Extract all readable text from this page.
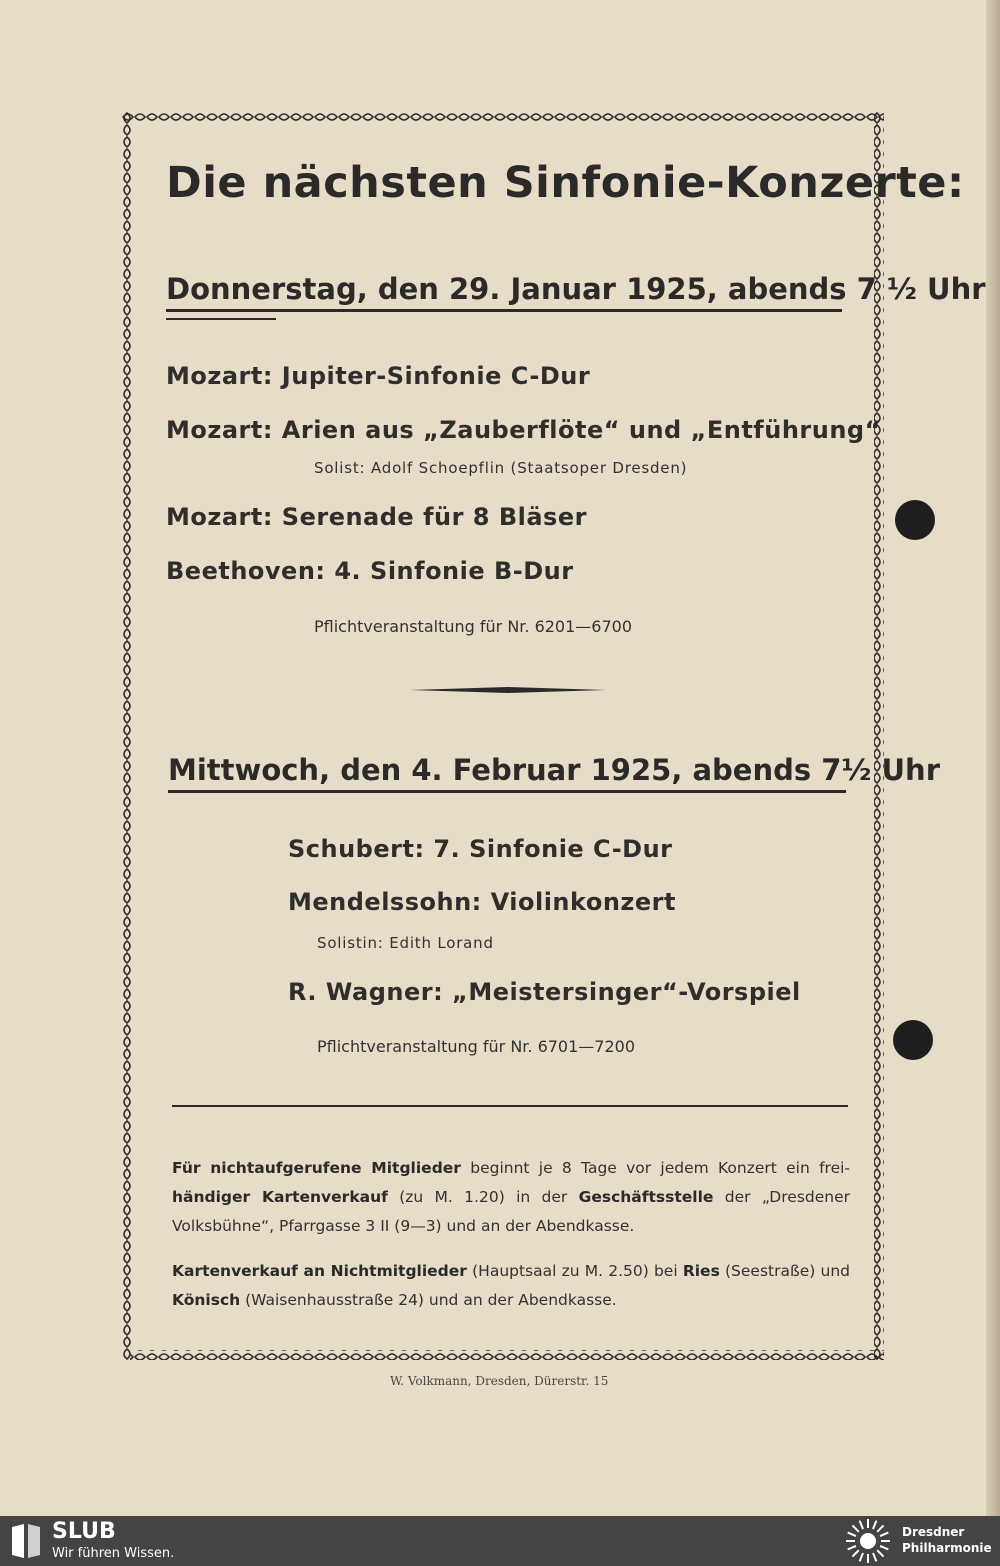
Die nächsten Sinfonie-Konzerte:
Donnerstag, den 29. Januar 1925, abends 7 ½ Uhr
Mozart: Jupiter-Sinfonie C-Dur
Mozart: Arien aus „Zauberflöte“ und „Entführung“
Solist: Adolf Schoepflin (Staatsoper Dresden)
Mozart: Serenade für 8 Bläser
Beethoven: 4. Sinfonie B-Dur
Pflichtveranstaltung für Nr. 6201—6700
Mittwoch, den 4. Februar 1925, abends 7½ Uhr
Schubert: 7. Sinfonie C-Dur
Mendelssohn: Violinkonzert
Solistin: Edith Lorand
R. Wagner: „Meistersinger“-Vorspiel
Pflichtveranstaltung für Nr. 6701—7200
Für nichtaufgerufene Mitglieder beginnt je 8 Tage vor jedem Konzert ein frei- händiger Kartenverkauf (zu M. 1.20) in der Geschäftsstelle der „Dresdener Volksbühne“, Pfarrgasse 3 II (9—3) und an der Abendkasse.
Kartenverkauf an Nichtmitglieder (Hauptsaal zu M. 2.50) bei Ries (Seestraße) und Könisch (Waisenhausstraße 24) und an der Abendkasse.
W. Volkmann, Dresden, Dürerstr. 15
SLUB
Wir führen Wissen.
Dresdner
Philharmonie
